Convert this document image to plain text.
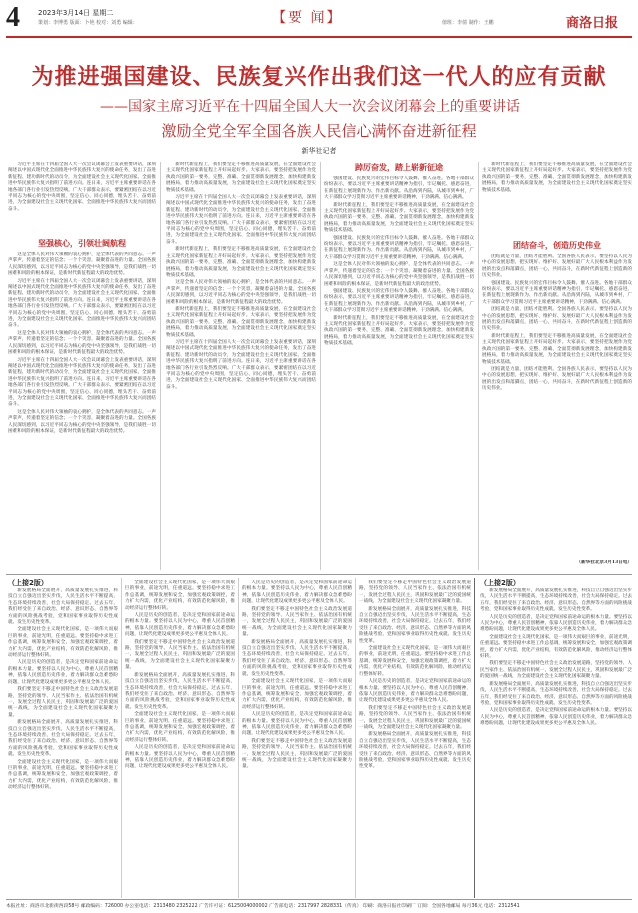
4	2023年3月14日 星期二
策划：李博勇 版面：卜艳 校对：刘勇 编辑：	【要 闻】	值班：李倩 制作：王鹏	商洛日报
为推进强国建设、民族复兴作出我们这一代人的应有贡献
——国家主席习近平在十四届全国人大一次会议闭幕会上的重要讲话
激励全党全军全国各族人民信心满怀奋进新征程
新华社记者

习近平主席在十四届全国人大一次会议闭幕会上发表重要讲话，深刻阐述以中国式现代化全面推进中华民族伟大复兴的使命任务，发出了奋进新征程、建功新时代的动员令，为全面建设社会主义现代化国家、全面推进中华民族伟大复兴指明了前进方向。连日来，习近平主席重要讲话在各地各部门各行业引发热烈反响。广大干部群众表示，要紧密团结在以习近平同志为核心的党中央周围，坚定信心、同心同德，埋头苦干、奋勇前进，为全面建设社会主义现代化国家、全面推进中华民族伟大复兴而团结奋斗。

坚强核心，引领壮阔航程

这是全体人民对伟大领袖的衷心拥护，是全体代表的共同意志。一声声掌声，传递着坚定的信念；一个个笑容，凝聚着奋进的力量。全国各族人民深切感到，以习近平同志为核心的党中央坚强领导，是我们战胜一切困难和风险的根本保证，是新时代新征程最大的政治优势。

习近平主席在十四届全国人大一次会议闭幕会上发表重要讲话，深刻阐述以中国式现代化全面推进中华民族伟大复兴的使命任务，发出了奋进新征程、建功新时代的动员令，为全面建设社会主义现代化国家、全面推进中华民族伟大复兴指明了前进方向。连日来，习近平主席重要讲话在各地各部门各行业引发热烈反响。广大干部群众表示，要紧密团结在以习近平同志为核心的党中央周围，坚定信心、同心同德，埋头苦干、奋勇前进，为全面建设社会主义现代化国家、全面推进中华民族伟大复兴而团结奋斗。

这是全体人民对伟大领袖的衷心拥护，是全体代表的共同意志。一声声掌声，传递着坚定的信念；一个个笑容，凝聚着奋进的力量。全国各族人民深切感到，以习近平同志为核心的党中央坚强领导，是我们战胜一切困难和风险的根本保证，是新时代新征程最大的政治优势。

习近平主席在十四届全国人大一次会议闭幕会上发表重要讲话，深刻阐述以中国式现代化全面推进中华民族伟大复兴的使命任务，发出了奋进新征程、建功新时代的动员令，为全面建设社会主义现代化国家、全面推进中华民族伟大复兴指明了前进方向。连日来，习近平主席重要讲话在各地各部门各行业引发热烈反响。广大干部群众表示，要紧密团结在以习近平同志为核心的党中央周围，坚定信心、同心同德，埋头苦干、奋勇前进，为全面建设社会主义现代化国家、全面推进中华民族伟大复兴而团结奋斗。

这是全体人民对伟大领袖的衷心拥护，是全体代表的共同意志。一声声掌声，传递着坚定的信念；一个个笑容，凝聚着奋进的力量。全国各族人民深切感到，以习近平同志为核心的党中央坚强领导，是我们战胜一切困难和风险的根本保证，是新时代新征程最大的政治优势。

新时代新征程上，我们要坚定不移推进高质量发展，在全面建设社会主义现代化国家新征程上开好局起好步。大家表示，要坚持把发展作为党执政兴国的第一要务，完整、准确、全面贯彻新发展理念，加快构建新发展格局，着力推动高质量发展，为全面建设社会主义现代化国家奠定坚实物质技术基础。

习近平主席在十四届全国人大一次会议闭幕会上发表重要讲话，深刻阐述以中国式现代化全面推进中华民族伟大复兴的使命任务，发出了奋进新征程、建功新时代的动员令，为全面建设社会主义现代化国家、全面推进中华民族伟大复兴指明了前进方向。连日来，习近平主席重要讲话在各地各部门各行业引发热烈反响。广大干部群众表示，要紧密团结在以习近平同志为核心的党中央周围，坚定信心、同心同德，埋头苦干、奋勇前进，为全面建设社会主义现代化国家、全面推进中华民族伟大复兴而团结奋斗。

新时代新征程上，我们要坚定不移推进高质量发展，在全面建设社会主义现代化国家新征程上开好局起好步。大家表示，要坚持把发展作为党执政兴国的第一要务，完整、准确、全面贯彻新发展理念，加快构建新发展格局，着力推动高质量发展，为全面建设社会主义现代化国家奠定坚实物质技术基础。

这是全体人民对伟大领袖的衷心拥护，是全体代表的共同意志。一声声掌声，传递着坚定的信念；一个个笑容，凝聚着奋进的力量。全国各族人民深切感到，以习近平同志为核心的党中央坚强领导，是我们战胜一切困难和风险的根本保证，是新时代新征程最大的政治优势。

新时代新征程上，我们要坚定不移推进高质量发展，在全面建设社会主义现代化国家新征程上开好局起好步。大家表示，要坚持把发展作为党执政兴国的第一要务，完整、准确、全面贯彻新发展理念，加快构建新发展格局，着力推动高质量发展，为全面建设社会主义现代化国家奠定坚实物质技术基础。

习近平主席在十四届全国人大一次会议闭幕会上发表重要讲话，深刻阐述以中国式现代化全面推进中华民族伟大复兴的使命任务，发出了奋进新征程、建功新时代的动员令，为全面建设社会主义现代化国家、全面推进中华民族伟大复兴指明了前进方向。连日来，习近平主席重要讲话在各地各部门各行业引发热烈反响。广大干部群众表示，要紧密团结在以习近平同志为核心的党中央周围，坚定信心、同心同德，埋头苦干、奋勇前进，为全面建设社会主义现代化国家、全面推进中华民族伟大复兴而团结奋斗。

踔厉奋发，踏上崭新征途

强国建设、民族复兴的宏伟目标令人鼓舞、催人奋进。各地干部群众纷纷表示，要以习近平主席重要讲话精神为指引，牢记嘱托、感恩奋进，在新征程上展现新作为、作出新贡献。从沿海到内陆，从城市到乡村，广大干部群众学习贯彻习近平主席重要讲话精神，干劲满满、信心满满。

新时代新征程上，我们要坚定不移推进高质量发展，在全面建设社会主义现代化国家新征程上开好局起好步。大家表示，要坚持把发展作为党执政兴国的第一要务，完整、准确、全面贯彻新发展理念，加快构建新发展格局，着力推动高质量发展，为全面建设社会主义现代化国家奠定坚实物质技术基础。

强国建设、民族复兴的宏伟目标令人鼓舞、催人奋进。各地干部群众纷纷表示，要以习近平主席重要讲话精神为指引，牢记嘱托、感恩奋进，在新征程上展现新作为、作出新贡献。从沿海到内陆，从城市到乡村，广大干部群众学习贯彻习近平主席重要讲话精神，干劲满满、信心满满。

这是全体人民对伟大领袖的衷心拥护，是全体代表的共同意志。一声声掌声，传递着坚定的信念；一个个笑容，凝聚着奋进的力量。全国各族人民深切感到，以习近平同志为核心的党中央坚强领导，是我们战胜一切困难和风险的根本保证，是新时代新征程最大的政治优势。

强国建设、民族复兴的宏伟目标令人鼓舞、催人奋进。各地干部群众纷纷表示，要以习近平主席重要讲话精神为指引，牢记嘱托、感恩奋进，在新征程上展现新作为、作出新贡献。从沿海到内陆，从城市到乡村，广大干部群众学习贯彻习近平主席重要讲话精神，干劲满满、信心满满。

新时代新征程上，我们要坚定不移推进高质量发展，在全面建设社会主义现代化国家新征程上开好局起好步。大家表示，要坚持把发展作为党执政兴国的第一要务，完整、准确、全面贯彻新发展理念，加快构建新发展格局，着力推动高质量发展，为全面建设社会主义现代化国家奠定坚实物质技术基础。

新时代新征程上，我们要坚定不移推进高质量发展，在全面建设社会主义现代化国家新征程上开好局起好步。大家表示，要坚持把发展作为党执政兴国的第一要务，完整、准确、全面贯彻新发展理念，加快构建新发展格局，着力推动高质量发展，为全面建设社会主义现代化国家奠定坚实物质技术基础。

团结奋斗，创造历史伟业

团结就是力量，团结才能胜利。全国各族人民表示，要坚持以人民为中心的发展思想，把实现好、维护好、发展好最广大人民根本利益作为发展的出发点和落脚点，团结一心，共同奋斗，在新时代新征程上创造新的历史伟业。

强国建设、民族复兴的宏伟目标令人鼓舞、催人奋进。各地干部群众纷纷表示，要以习近平主席重要讲话精神为指引，牢记嘱托、感恩奋进，在新征程上展现新作为、作出新贡献。从沿海到内陆，从城市到乡村，广大干部群众学习贯彻习近平主席重要讲话精神，干劲满满、信心满满。

团结就是力量，团结才能胜利。全国各族人民表示，要坚持以人民为中心的发展思想，把实现好、维护好、发展好最广大人民根本利益作为发展的出发点和落脚点，团结一心，共同奋斗，在新时代新征程上创造新的历史伟业。

新时代新征程上，我们要坚定不移推进高质量发展，在全面建设社会主义现代化国家新征程上开好局起好步。大家表示，要坚持把发展作为党执政兴国的第一要务，完整、准确、全面贯彻新发展理念，加快构建新发展格局，着力推动高质量发展，为全面建设社会主义现代化国家奠定坚实物质技术基础。

团结就是力量，团结才能胜利。全国各族人民表示，要坚持以人民为中心的发展思想，把实现好、维护好、发展好最广大人民根本利益作为发展的出发点和落脚点，团结一心，共同奋斗，在新时代新征程上创造新的历史伟业。

（新华社北京3月13日电）
（上接2版）

新发展格局全面展开，高质量发展扎实推进，科技自立自强迈出坚实步伐，人民生活水平不断提高，生态环境持续改善，社会大局保持稳定。过去五年，我们经受住了来自政治、经济、意识形态、自然界等方面的风险挑战考验，党和国家事业取得历史性成就、发生历史性变革。

全面建设社会主义现代化国家，是一项伟大而艰巨的事业，前途光明，任重道远。要坚持稳中求进工作总基调，统筹发展和安全，加强宏观政策调控，着力扩大内需，优化产业结构，有效防范化解风险，推动经济运行整体好转。

人民是历史的创造者，是决定党和国家前途命运的根本力量。要坚持以人民为中心，尊重人民首创精神，依靠人民创造历史伟业，着力解决群众急难愁盼问题，让现代化建设成果更多更公平惠及全体人民。

我们要坚定不移走中国特色社会主义政治发展道路，坚持党的领导、人民当家作主、依法治国有机统一，发展全过程人民民主，巩固和发展最广泛的爱国统一战线，为全面建设社会主义现代化国家凝聚力量。

新发展格局全面展开，高质量发展扎实推进，科技自立自强迈出坚实步伐，人民生活水平不断提高，生态环境持续改善，社会大局保持稳定。过去五年，我们经受住了来自政治、经济、意识形态、自然界等方面的风险挑战考验，党和国家事业取得历史性成就、发生历史性变革。

全面建设社会主义现代化国家，是一项伟大而艰巨的事业，前途光明，任重道远。要坚持稳中求进工作总基调，统筹发展和安全，加强宏观政策调控，着力扩大内需，优化产业结构，有效防范化解风险，推动经济运行整体好转。

全面建设社会主义现代化国家，是一项伟大而艰巨的事业，前途光明，任重道远。要坚持稳中求进工作总基调，统筹发展和安全，加强宏观政策调控，着力扩大内需，优化产业结构，有效防范化解风险，推动经济运行整体好转。

人民是历史的创造者，是决定党和国家前途命运的根本力量。要坚持以人民为中心，尊重人民首创精神，依靠人民创造历史伟业，着力解决群众急难愁盼问题，让现代化建设成果更多更公平惠及全体人民。

我们要坚定不移走中国特色社会主义政治发展道路，坚持党的领导、人民当家作主、依法治国有机统一，发展全过程人民民主，巩固和发展最广泛的爱国统一战线，为全面建设社会主义现代化国家凝聚力量。

新发展格局全面展开，高质量发展扎实推进，科技自立自强迈出坚实步伐，人民生活水平不断提高，生态环境持续改善，社会大局保持稳定。过去五年，我们经受住了来自政治、经济、意识形态、自然界等方面的风险挑战考验，党和国家事业取得历史性成就、发生历史性变革。

全面建设社会主义现代化国家，是一项伟大而艰巨的事业，前途光明，任重道远。要坚持稳中求进工作总基调，统筹发展和安全，加强宏观政策调控，着力扩大内需，优化产业结构，有效防范化解风险，推动经济运行整体好转。

人民是历史的创造者，是决定党和国家前途命运的根本力量。要坚持以人民为中心，尊重人民首创精神，依靠人民创造历史伟业，着力解决群众急难愁盼问题，让现代化建设成果更多更公平惠及全体人民。

人民是历史的创造者，是决定党和国家前途命运的根本力量。要坚持以人民为中心，尊重人民首创精神，依靠人民创造历史伟业，着力解决群众急难愁盼问题，让现代化建设成果更多更公平惠及全体人民。

我们要坚定不移走中国特色社会主义政治发展道路，坚持党的领导、人民当家作主、依法治国有机统一，发展全过程人民民主，巩固和发展最广泛的爱国统一战线，为全面建设社会主义现代化国家凝聚力量。

新发展格局全面展开，高质量发展扎实推进，科技自立自强迈出坚实步伐，人民生活水平不断提高，生态环境持续改善，社会大局保持稳定。过去五年，我们经受住了来自政治、经济、意识形态、自然界等方面的风险挑战考验，党和国家事业取得历史性成就、发生历史性变革。

全面建设社会主义现代化国家，是一项伟大而艰巨的事业，前途光明，任重道远。要坚持稳中求进工作总基调，统筹发展和安全，加强宏观政策调控，着力扩大内需，优化产业结构，有效防范化解风险，推动经济运行整体好转。

人民是历史的创造者，是决定党和国家前途命运的根本力量。要坚持以人民为中心，尊重人民首创精神，依靠人民创造历史伟业，着力解决群众急难愁盼问题，让现代化建设成果更多更公平惠及全体人民。

我们要坚定不移走中国特色社会主义政治发展道路，坚持党的领导、人民当家作主、依法治国有机统一，发展全过程人民民主，巩固和发展最广泛的爱国统一战线，为全面建设社会主义现代化国家凝聚力量。

我们要坚定不移走中国特色社会主义政治发展道路，坚持党的领导、人民当家作主、依法治国有机统一，发展全过程人民民主，巩固和发展最广泛的爱国统一战线，为全面建设社会主义现代化国家凝聚力量。

新发展格局全面展开，高质量发展扎实推进，科技自立自强迈出坚实步伐，人民生活水平不断提高，生态环境持续改善，社会大局保持稳定。过去五年，我们经受住了来自政治、经济、意识形态、自然界等方面的风险挑战考验，党和国家事业取得历史性成就、发生历史性变革。

全面建设社会主义现代化国家，是一项伟大而艰巨的事业，前途光明，任重道远。要坚持稳中求进工作总基调，统筹发展和安全，加强宏观政策调控，着力扩大内需，优化产业结构，有效防范化解风险，推动经济运行整体好转。

人民是历史的创造者，是决定党和国家前途命运的根本力量。要坚持以人民为中心，尊重人民首创精神，依靠人民创造历史伟业，着力解决群众急难愁盼问题，让现代化建设成果更多更公平惠及全体人民。

我们要坚定不移走中国特色社会主义政治发展道路，坚持党的领导、人民当家作主、依法治国有机统一，发展全过程人民民主，巩固和发展最广泛的爱国统一战线，为全面建设社会主义现代化国家凝聚力量。

新发展格局全面展开，高质量发展扎实推进，科技自立自强迈出坚实步伐，人民生活水平不断提高，生态环境持续改善，社会大局保持稳定。过去五年，我们经受住了来自政治、经济、意识形态、自然界等方面的风险挑战考验，党和国家事业取得历史性成就、发生历史性变革。

（上接2版）

新发展格局全面展开，高质量发展扎实推进，科技自立自强迈出坚实步伐，人民生活水平不断提高，生态环境持续改善，社会大局保持稳定。过去五年，我们经受住了来自政治、经济、意识形态、自然界等方面的风险挑战考验，党和国家事业取得历史性成就、发生历史性变革。

人民是历史的创造者，是决定党和国家前途命运的根本力量。要坚持以人民为中心，尊重人民首创精神，依靠人民创造历史伟业，着力解决群众急难愁盼问题，让现代化建设成果更多更公平惠及全体人民。

全面建设社会主义现代化国家，是一项伟大而艰巨的事业，前途光明，任重道远。要坚持稳中求进工作总基调，统筹发展和安全，加强宏观政策调控，着力扩大内需，优化产业结构，有效防范化解风险，推动经济运行整体好转。

我们要坚定不移走中国特色社会主义政治发展道路，坚持党的领导、人民当家作主、依法治国有机统一，发展全过程人民民主，巩固和发展最广泛的爱国统一战线，为全面建设社会主义现代化国家凝聚力量。

新发展格局全面展开，高质量发展扎实推进，科技自立自强迈出坚实步伐，人民生活水平不断提高，生态环境持续改善，社会大局保持稳定。过去五年，我们经受住了来自政治、经济、意识形态、自然界等方面的风险挑战考验，党和国家事业取得历史性成就、发生历史性变革。

人民是历史的创造者，是决定党和国家前途命运的根本力量。要坚持以人民为中心，尊重人民首创精神，依靠人民创造历史伟业，着力解决群众急难愁盼问题，让现代化建设成果更多更公平惠及全体人民。

本报社址：商洛市北新街西段58号 邮政编码：726000 办公室电话：2313480 2325222 广告许可证：6125004000002 广告部电话：2317997 2828331（传真） 印刷：商洛日报社印刷厂 订阅：全国各地邮局 每月36元 电话：2312541
